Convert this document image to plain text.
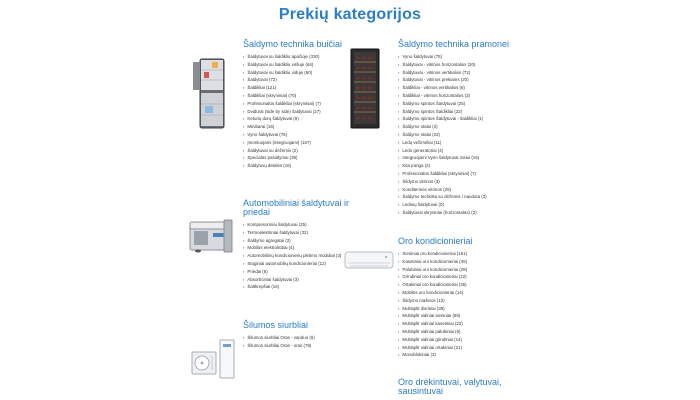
Prekių kategorijos
Šaldymo technika buičiai
▪ Šaldytuvai su šaldiklio apačioje (330)
▪ Šaldytuvai su šaldikliu viršuje (64)
▪ Šaldytuvai su šaldikliu viduje (60)
▪ Šaldytuvai (72)
▪ Šaldikliai (121)
▪ Šaldikliai (skryniniai) (70)
▪ Profesionalūs šaldikliai (skryniniai) (7)
▪ Dvidurai (side by side) šaldytuvai (27)
▪ Keturių durų šaldytuvai (9)
▪ Minibarai (16)
▪ Vyno šaldytuvai (75)
▪ Įmontuojami (integruojami) (157)
▪ Šaldytuvai su dėžėmis (2)
▪ Specialūs pasiūlymai (39)
▪ Šaldytuvų detalės (16)
Šaldymo technika pramonei
▪ Vyno šaldytuvai (75)
▪ Šaldytuvai - vitrinos horizontalios (20)
▪ Šaldytuvai - vitrinos vertikalios (72)
▪ Šaldytuvai - vitrinos prekiams (20)
▪ Šaldikliai - vitrinos vertikalios (8)
▪ Šaldikliai - vitrinos horizontalios (3)
▪ Šaldymo spintos Šaldytuvai (25)
▪ Šaldymo spintos Šaldikliai (22)
▪ Šaldymo spintos Šaldytuvai - šaldikliai (1)
▪ Šaldymo stalai (3)
▪ Šaldymo stalai (22)
▪ Ledų vežimėliai (11)
▪ Ledo generatoriai (4)
▪ Integruojami Vyno šaldytuvai rūsiui (15)
▪ Kita įranga (2)
▪ Profesionalūs šaldikliai (skryniniai) (7)
▪ Šildymo vitrinos (3)
▪ Konditerinės vitrinos (25)
▪ Šaldymo technika su dėžėmis / naudota (3)
▪ Ledinių šaldytuvai (0)
▪ Šaldytuvai skryniniai (horizontalūs) (2)
Automobiliniai šaldytuvai ir priedai
▪ Kompresoriniai šaldytuvai (25)
▪ Termoelektriniai šaldytuvai (32)
▪ Šaldymo agregatai (2)
▪ Mobilūs elektrokūbai (4)
▪ Automobilinių kondicionierių plėtimo moduliai (3)
▪ Stoginiai automobilių kondicionieriai (12)
▪ Priedai (6)
▪ Absorbciniai šaldytuvai (3)
▪ Šaltkrepšiai (16)
Oro kondicionieriai
▪ Sieniniai oro kondicionieriai (161)
▪ Kasetiniai oro kondicionieriai (45)
▪ Palubiniai oro kondicionieriai (28)
▪ Grindiniai oro kondicionieriai (22)
▪ Ortakiniai oro kondicionieriai (36)
▪ Mobilūs oro kondicionieriai (14)
▪ Šildymo mašinos (12)
▪ Multisplit išoriniai (39)
▪ Multisplit vidiniai sieniniai (69)
▪ Multisplit vidiniai kasetiniai (23)
▪ Multisplit vidiniai palubiniai (6)
▪ Multisplit vidiniai grindiniai (14)
▪ Multisplit vidiniai ortakiniai (21)
▪ Monoblokiniai (3)
Šilumos siurbliai
▪ Šilumos siurbliai Oras - vanduo (6)
▪ Šilumos siurbliai Oras - oras (78)
Oro drėkintuvai, valytuvai, sausintuvai
